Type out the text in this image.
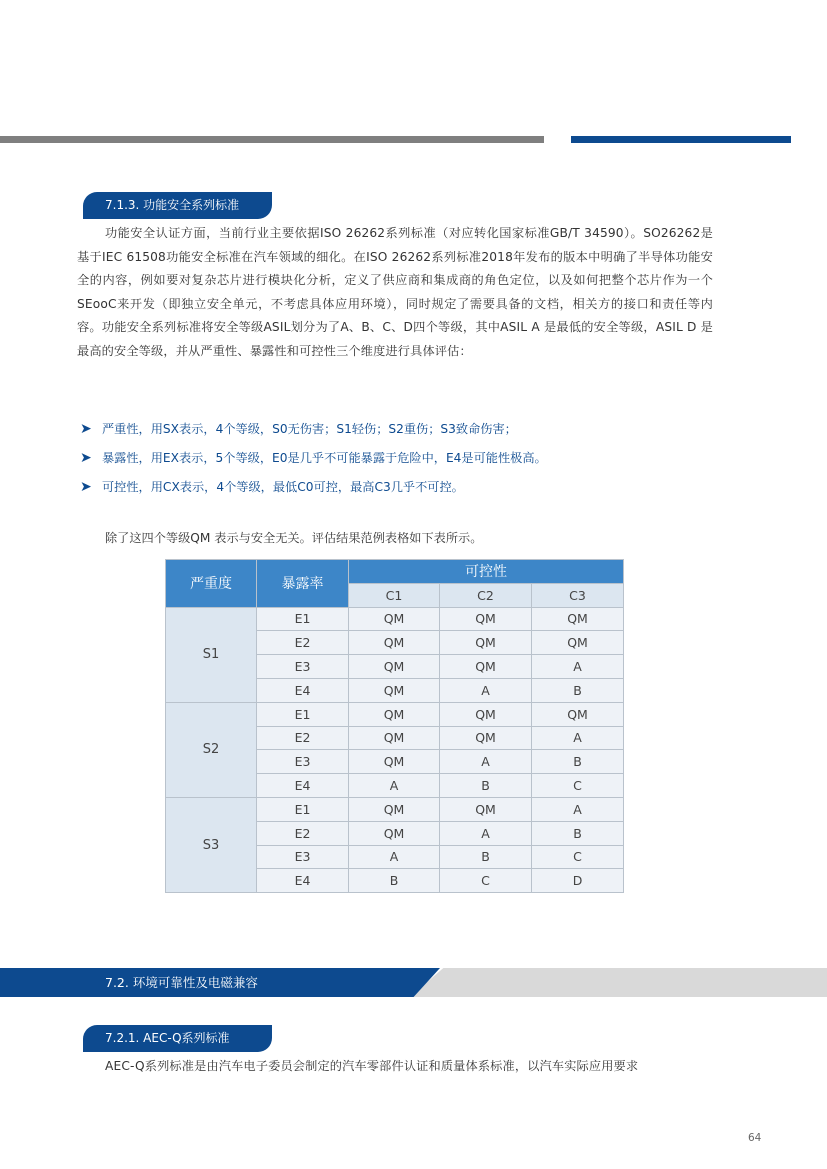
7.1.3. 功能安全系列标准
功能安全认证方面，当前行业主要依据ISO 26262系列标准（对应转化国家标准GB/T 34590）。SO26262是基于IEC 61508功能安全标准在汽车领域的细化。在ISO 26262系列标准2018年发布的版本中明确了半导体功能安全的内容，例如要对复杂芯片进行模块化分析，定义了供应商和集成商的角色定位，以及如何把整个芯片作为一个SEooC来开发（即独立安全单元，不考虑具体应用环境），同时规定了需要具备的文档，相关方的接口和责任等内容。功能安全系列标准将安全等级ASIL划分为了A、B、C、D四个等级，其中ASIL A 是最低的安全等级，ASIL D 是最高的安全等级，并从严重性、暴露性和可控性三个维度进行具体评估：
➤ 严重性，用SX表示，4个等级，S0无伤害；S1轻伤；S2重伤；S3致命伤害；
➤ 暴露性，用EX表示，5个等级，E0是几乎不可能暴露于危险中，E4是可能性极高。
➤ 可控性，用CX表示，4个等级，最低C0可控，最高C3几乎不可控。
除了这四个等级QM 表示与安全无关。评估结果范例表格如下表所示。
严重度	暴露率	可控性		
		C1	C2	C3
S1	E1	QM	QM	QM
	E2	QM	QM	QM
	E3	QM	QM	A
	E4	QM	A	B
S2	E1	QM	QM	QM
	E2	QM	QM	A
	E3	QM	A	B
	E4	A	B	C
S3	E1	QM	QM	A
	E2	QM	A	B
	E3	A	B	C
	E4	B	C	D
7.2. 环境可靠性及电磁兼容
7.2.1. AEC-Q系列标准
AEC-Q系列标准是由汽车电子委员会制定的汽车零部件认证和质量体系标准，以汽车实际应用要求
64
